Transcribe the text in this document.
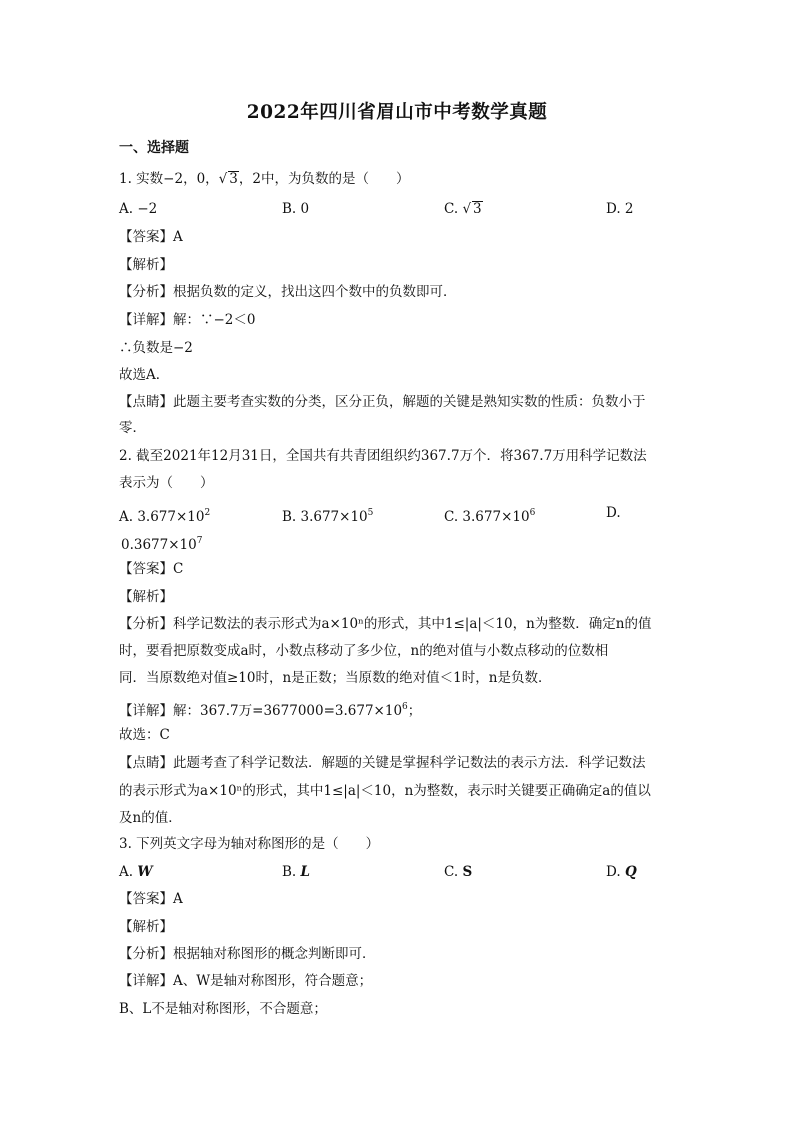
2022年四川省眉山市中考数学真题
一、选择题
1. 实数−2，0，√ 3，2中，为负数的是（　　）
A. −2	B. 0	C. √ 3	D. 2
【答案】A
【解析】
【分析】根据负数的定义，找出这四个数中的负数即可．
【详解】解：∵−2＜0
∴负数是−2
故选A．
【点睛】此题主要考查实数的分类，区分正负，解题的关键是熟知实数的性质：负数小于
零．
2. 截至2021年12月31日，全国共有共青团组织约367.7万个．将367.7万用科学记数法
表示为（　　）
A. $3.677\times 10^2$	B. $3.677\times 10^5$	C. $3.677\times 10^6$	D.
$0.3677\times 10^7$
【答案】C
【解析】
【分析】科学记数法的表示形式为a×10ⁿ的形式，其中1≤|a|＜10，n为整数．确定n的值
时，要看把原数变成a时，小数点移动了多少位，n的绝对值与小数点移动的位数相
同．当原数绝对值≥10时，n是正数；当原数的绝对值＜1时，n是负数．
【详解】解：367.7万$=3677000=3.677\times 10^6$；
故选：C
【点睛】此题考查了科学记数法．解题的关键是掌握科学记数法的表示方法．科学记数法
的表示形式为a×10ⁿ的形式，其中1≤|a|＜10，n为整数，表示时关键要正确确定a的值以
及n的值．
3. 下列英文字母为轴对称图形的是（　　）
A. W	B. L	C. S	D. Q
【答案】A
【解析】
【分析】根据轴对称图形的概念判断即可．
【详解】A、W是轴对称图形，符合题意；
B、L不是轴对称图形，不合题意；
